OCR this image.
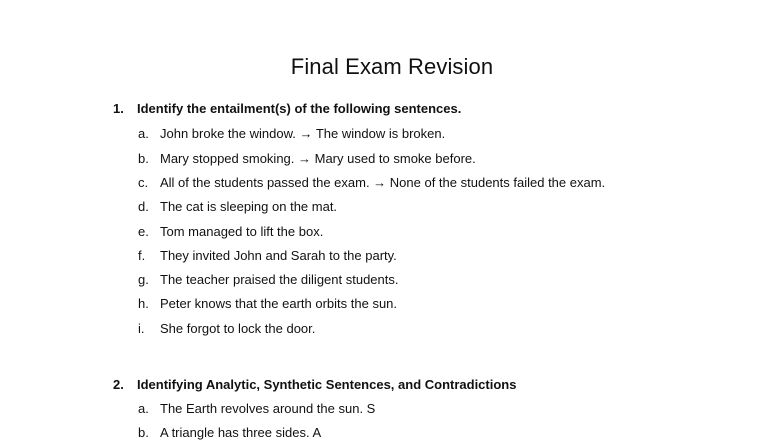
Final Exam Revision
1. Identify the entailment(s) of the following sentences.
a. John broke the window. → The window is broken.
b. Mary stopped smoking. → Mary used to smoke before.
c. All of the students passed the exam. → None of the students failed the exam.
d. The cat is sleeping on the mat.
e. Tom managed to lift the box.
f. They invited John and Sarah to the party.
g. The teacher praised the diligent students.
h. Peter knows that the earth orbits the sun.
i. She forgot to lock the door.
2. Identifying Analytic, Synthetic Sentences, and Contradictions
a. The Earth revolves around the sun. S
b. A triangle has three sides. A
